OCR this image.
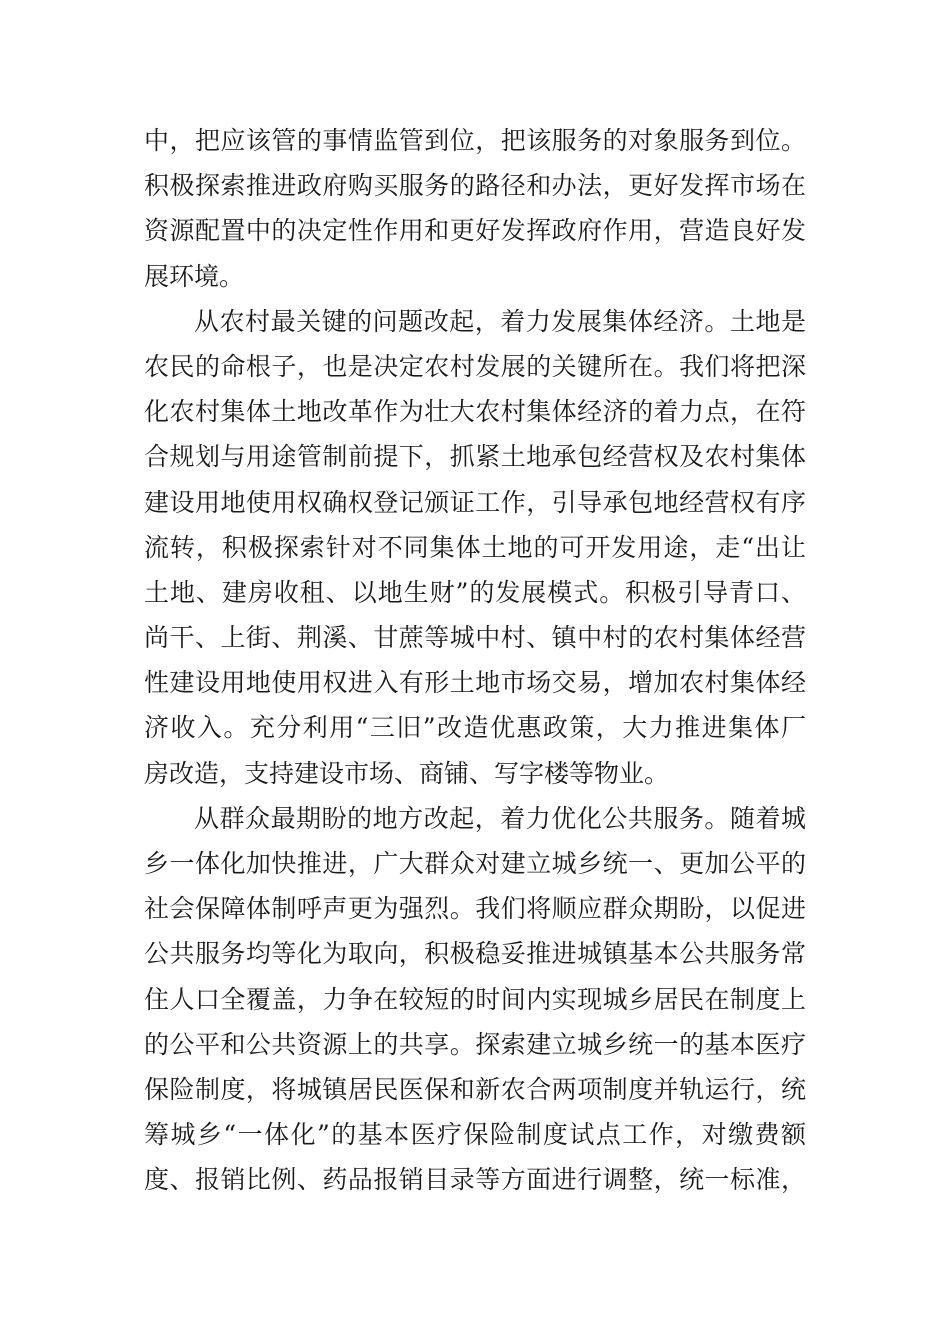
中，把应该管的事情监管到位，把该服务的对象服务到位。
积极探索推进政府购买服务的路径和办法，更好发挥市场在
资源配置中的决定性作用和更好发挥政府作用，营造良好发
展环境。
从农村最关键的问题改起，着力发展集体经济。土地是
农民的命根子，也是决定农村发展的关键所在。我们将把深
化农村集体土地改革作为壮大农村集体经济的着力点，在符
合规划与用途管制前提下，抓紧土地承包经营权及农村集体
建设用地使用权确权登记颁证工作，引导承包地经营权有序
流转，积极探索针对不同集体土地的可开发用途，走“出让
土地、建房收租、以地生财”的发展模式。积极引导青口、
尚干、上街、荆溪、甘蔗等城中村、镇中村的农村集体经营
性建设用地使用权进入有形土地市场交易，增加农村集体经
济收入。充分利用“三旧”改造优惠政策，大力推进集体厂
房改造，支持建设市场、商铺、写字楼等物业。
从群众最期盼的地方改起，着力优化公共服务。随着城
乡一体化加快推进，广大群众对建立城乡统一、更加公平的
社会保障体制呼声更为强烈。我们将顺应群众期盼，以促进
公共服务均等化为取向，积极稳妥推进城镇基本公共服务常
住人口全覆盖，力争在较短的时间内实现城乡居民在制度上
的公平和公共资源上的共享。探索建立城乡统一的基本医疗
保险制度，将城镇居民医保和新农合两项制度并轨运行，统
筹城乡“一体化”的基本医疗保险制度试点工作，对缴费额
度、报销比例、药品报销目录等方面进行调整，统一标准，
